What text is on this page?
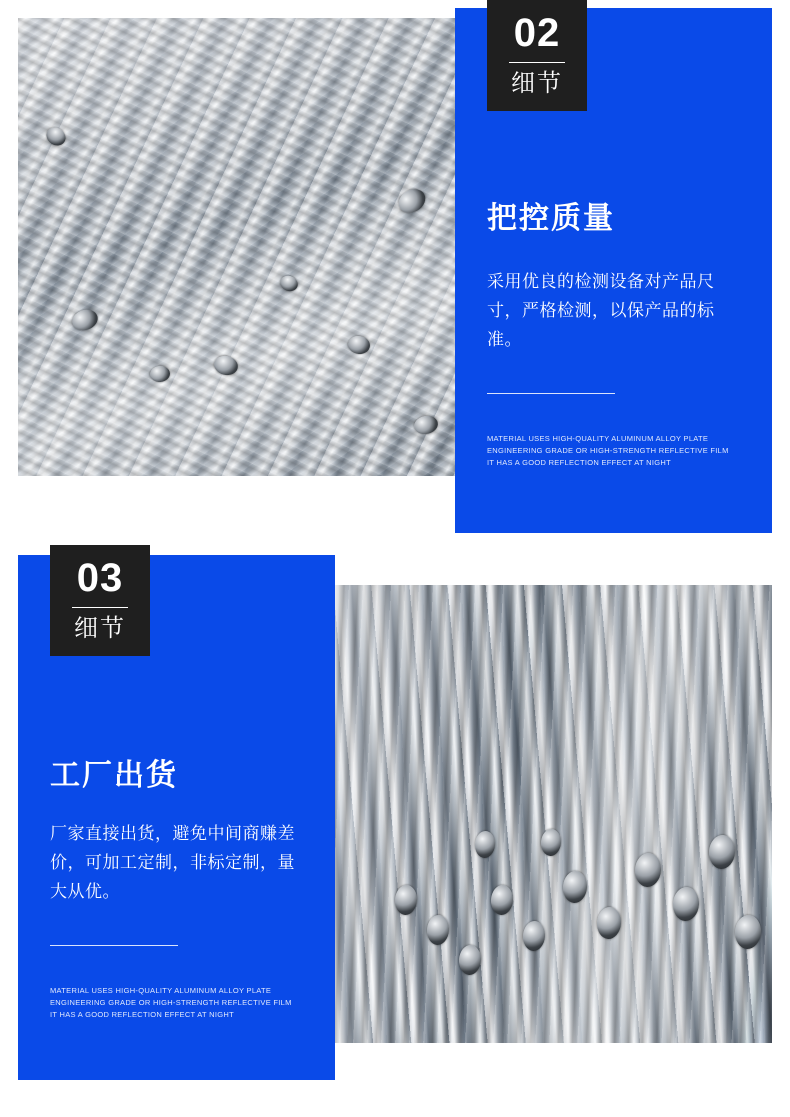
02
细节
把控质量

采用优良的检测设备对产品尺寸，严格检测，以保产品的标准。

MATERIAL USES HIGH-QUALITY ALUMINUM ALLOY PLATE
ENGINEERING GRADE OR HIGH-STRENGTH REFLECTIVE FILM
IT HAS A GOOD REFLECTION EFFECT AT NIGHT
03
细节
工厂出货

厂家直接出货，避免中间商赚差价，可加工定制，非标定制，量大从优。

MATERIAL USES HIGH-QUALITY ALUMINUM ALLOY PLATE
ENGINEERING GRADE OR HIGH-STRENGTH REFLECTIVE FILM
IT HAS A GOOD REFLECTION EFFECT AT NIGHT
